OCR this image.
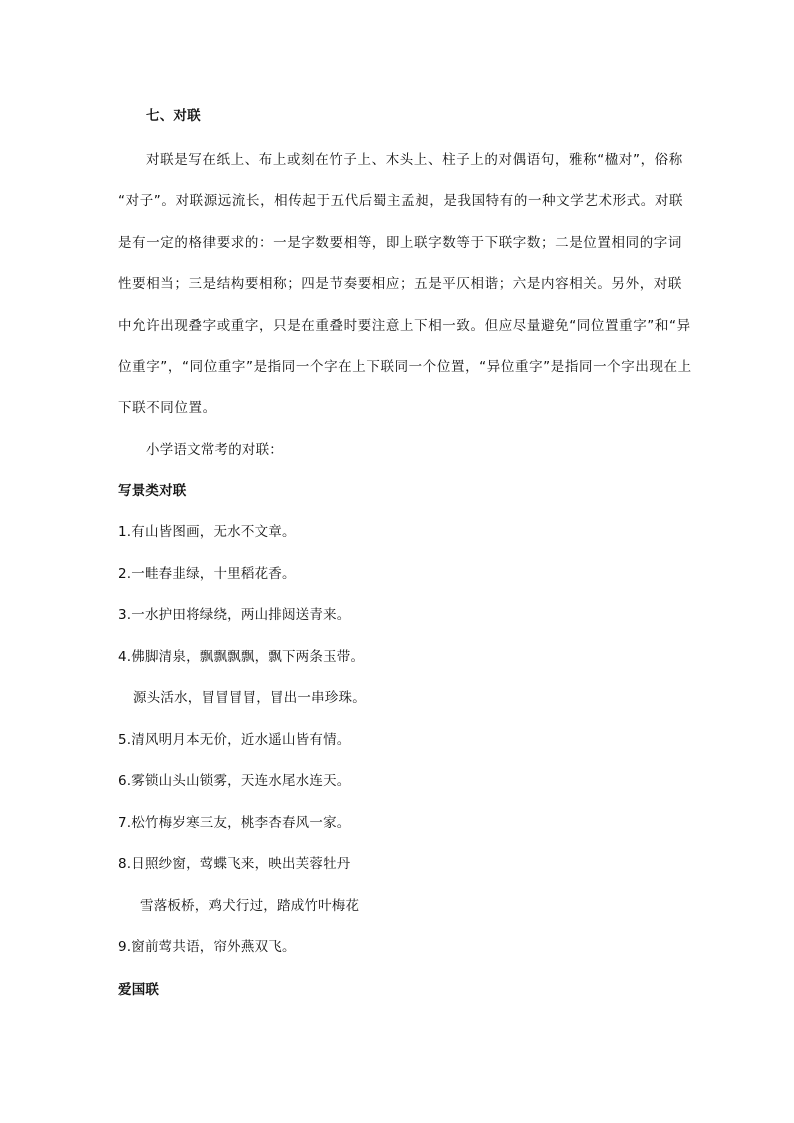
七、对联
对联是写在纸上、布上或刻在竹子上、木头上、柱子上的对偶语句，雅称“楹对”，俗称
“对子”。对联源远流长，相传起于五代后蜀主孟昶，是我国特有的一种文学艺术形式。对联
是有一定的格律要求的：一是字数要相等，即上联字数等于下联字数；二是位置相同的字词
性要相当；三是结构要相称；四是节奏要相应；五是平仄相谐；六是内容相关。另外，对联
中允许出现叠字或重字，只是在重叠时要注意上下相一致。但应尽量避免“同位置重字”和“异
位重字”，“同位重字”是指同一个字在上下联同一个位置，“异位重字”是指同一个字出现在上
下联不同位置。
小学语文常考的对联：
写景类对联
1.有山皆图画，无水不文章。
2.一畦春韭绿，十里稻花香。
3.一水护田将绿绕，两山排闼送青来。
4.佛脚清泉，飘飘飘飘，飘下两条玉带。
源头活水，冒冒冒冒，冒出一串珍珠。
5.清风明月本无价，近水遥山皆有情。
6.雾锁山头山锁雾，天连水尾水连天。
7.松竹梅岁寒三友，桃李杏春风一家。
8.日照纱窗，莺蝶飞来，映出芙蓉牡丹
雪落板桥，鸡犬行过，踏成竹叶梅花
9.窗前莺共语，帘外燕双飞。
爱国联
